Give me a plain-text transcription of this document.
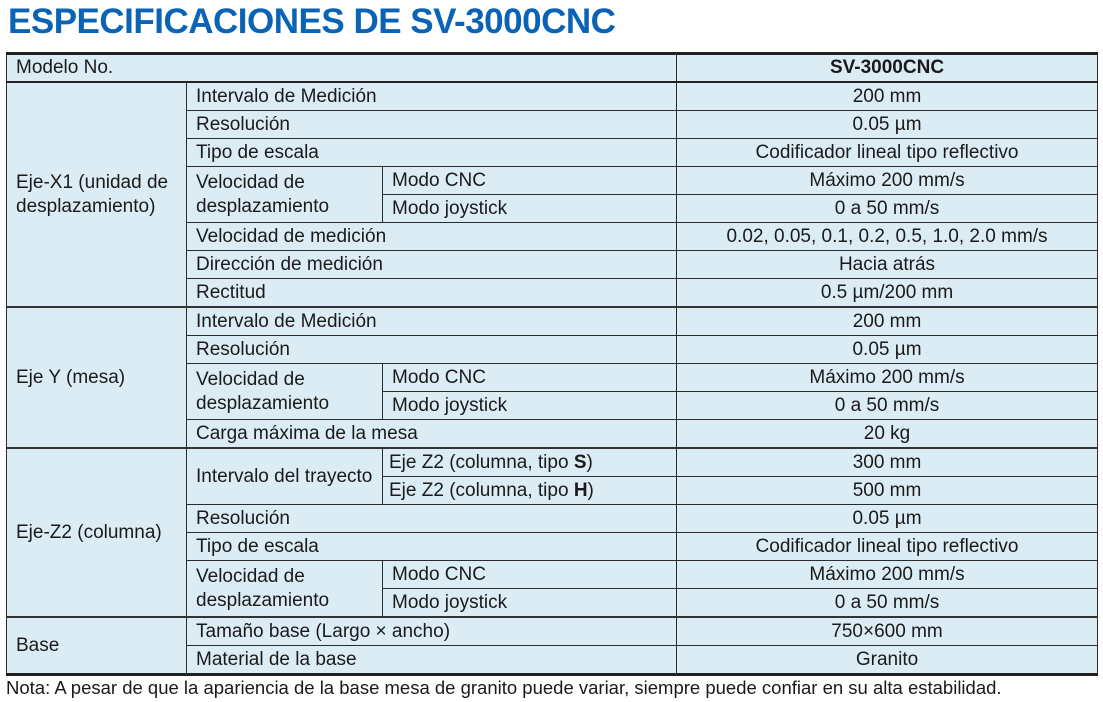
ESPECIFICACIONES DE SV-3000CNC
Modelo No.			SV-3000CNC
Eje-X1 (unidad de desplazamiento)	Intervalo de Medición		200 mm
	Resolución		0.05 µm
	Tipo de escala		Codificador lineal tipo reflectivo
	Velocidad de desplazamiento	Modo CNC	Máximo 200 mm/s
		Modo joystick	0 a 50 mm/s
	Velocidad de medición		0.02, 0.05, 0.1, 0.2, 0.5, 1.0, 2.0 mm/s
	Dirección de medición		Hacia atrás
	Rectitud		0.5 µm/200 mm
Eje Y (mesa)	Intervalo de Medición		200 mm
	Resolución		0.05 µm
	Velocidad de desplazamiento	Modo CNC	Máximo 200 mm/s
		Modo joystick	0 a 50 mm/s
	Carga máxima de la mesa		20 kg
Eje-Z2 (columna)	Intervalo del trayecto	Eje Z2 (columna, tipo S)	300 mm
		Eje Z2 (columna, tipo H)	500 mm
	Resolución		0.05 µm
	Tipo de escala		Codificador lineal tipo reflectivo
	Velocidad de desplazamiento	Modo CNC	Máximo 200 mm/s
		Modo joystick	0 a 50 mm/s
Base	Tamaño base (Largo × ancho)		750×600 mm
	Material de la base		Granito

Nota: A pesar de que la apariencia de la base mesa de granito puede variar, siempre puede confiar en su alta estabilidad.
